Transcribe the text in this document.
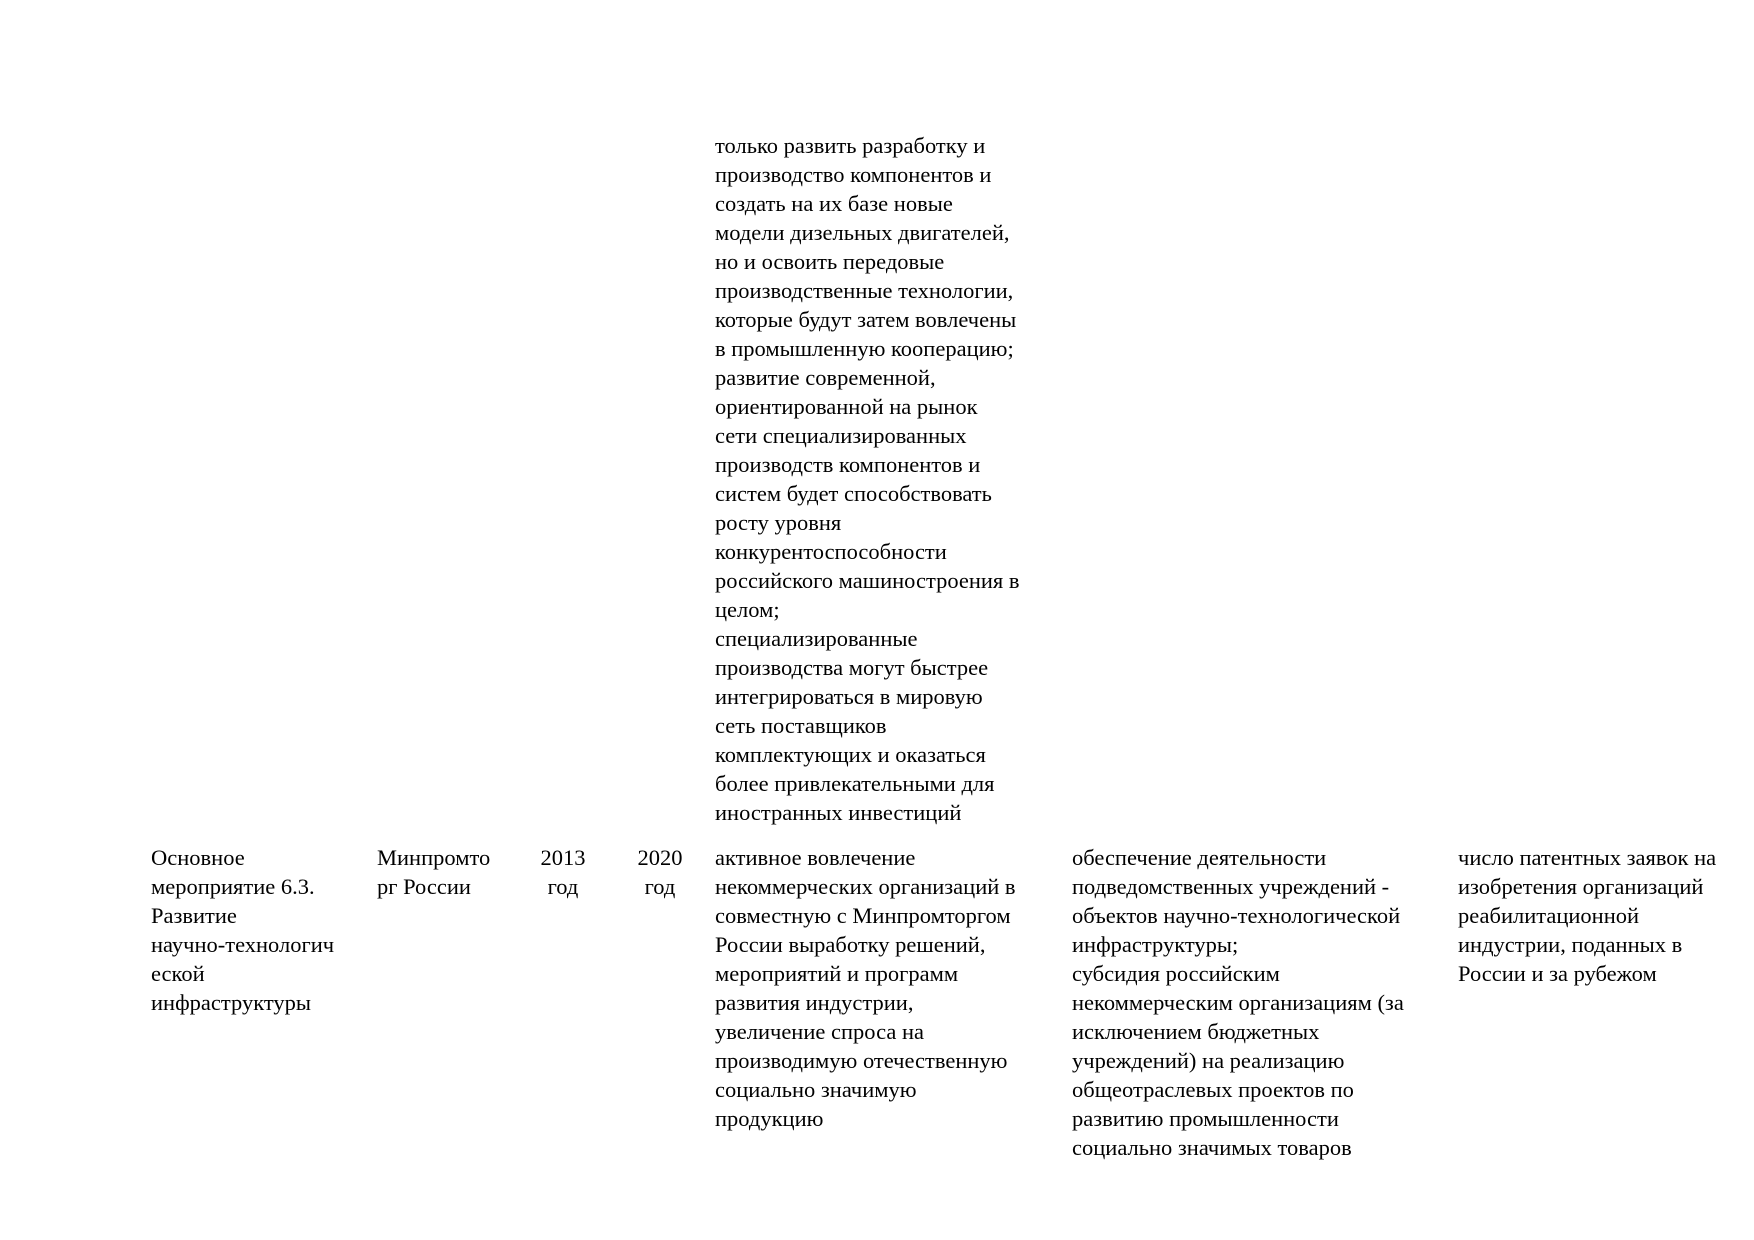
только развить разработку и
производство компонентов и
создать на их базе новые
модели дизельных двигателей,
но и освоить передовые
производственные технологии,
которые будут затем вовлечены
в промышленную кооперацию;
развитие современной,
ориентированной на рынок
сети специализированных
производств компонентов и
систем будет способствовать
росту уровня
конкурентоспособности
российского машиностроения в
целом;
специализированные
производства могут быстрее
интегрироваться в мировую
сеть поставщиков
комплектующих и оказаться
более привлекательными для
иностранных инвестиций
Основное
мероприятие 6.3.
Развитие
научно-технологич
еской
инфраструктуры
Минпромто
рг России
2013
год
2020
год
активное вовлечение
некоммерческих организаций в
совместную с Минпромторгом
России выработку решений,
мероприятий и программ
развития индустрии,
увеличение спроса на
производимую отечественную
социально значимую
продукцию
обеспечение деятельности
подведомственных учреждений -
объектов научно-технологической
инфраструктуры;
субсидия российским
некоммерческим организациям (за
исключением бюджетных
учреждений) на реализацию
общеотраслевых проектов по
развитию промышленности
социально значимых товаров
число патентных заявок на
изобретения организаций
реабилитационной
индустрии, поданных в
России и за рубежом
